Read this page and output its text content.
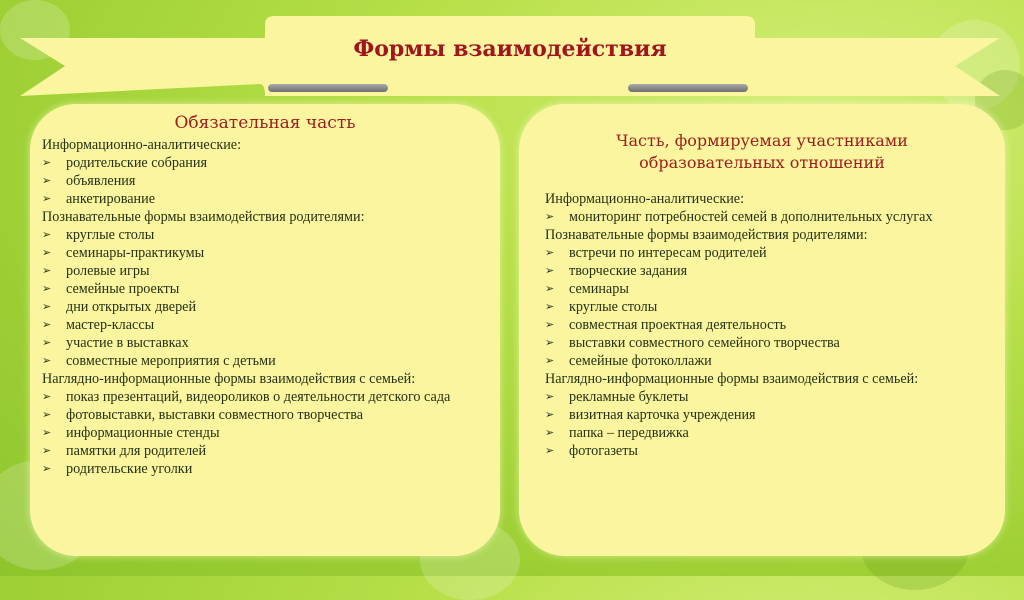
Формы взаимодействия
Обязательная часть
Информационно-аналитические:
➢	родительские собрания
➢	объявления
➢	анкетирование
Познавательные формы взаимодействия родителями:
➢	круглые столы
➢	семинары-практикумы
➢	ролевые игры
➢	семейные проекты
➢	дни открытых дверей
➢	мастер-классы
➢	участие в выставках
➢	совместные мероприятия с детьми
Наглядно-информационные формы взаимодействия с семьей:
➢	показ презентаций, видеороликов о деятельности детского сада
➢	фотовыставки, выставки совместного творчества
➢	информационные стенды
➢	памятки для родителей
➢	родительские уголки
Часть, формируемая участниками образовательных отношений
Информационно-аналитические:
➢	мониторинг потребностей семей в дополнительных услугах
Познавательные формы взаимодействия родителями:
➢	встречи по интересам родителей
➢	творческие задания
➢	семинары
➢	круглые столы
➢	совместная проектная деятельность
➢	выставки совместного семейного творчества
➢	семейные фотоколлажи
Наглядно-информационные формы взаимодействия с семьей:
➢	рекламные буклеты
➢	визитная карточка учреждения
➢	папка – передвижка
➢	фотогазеты
